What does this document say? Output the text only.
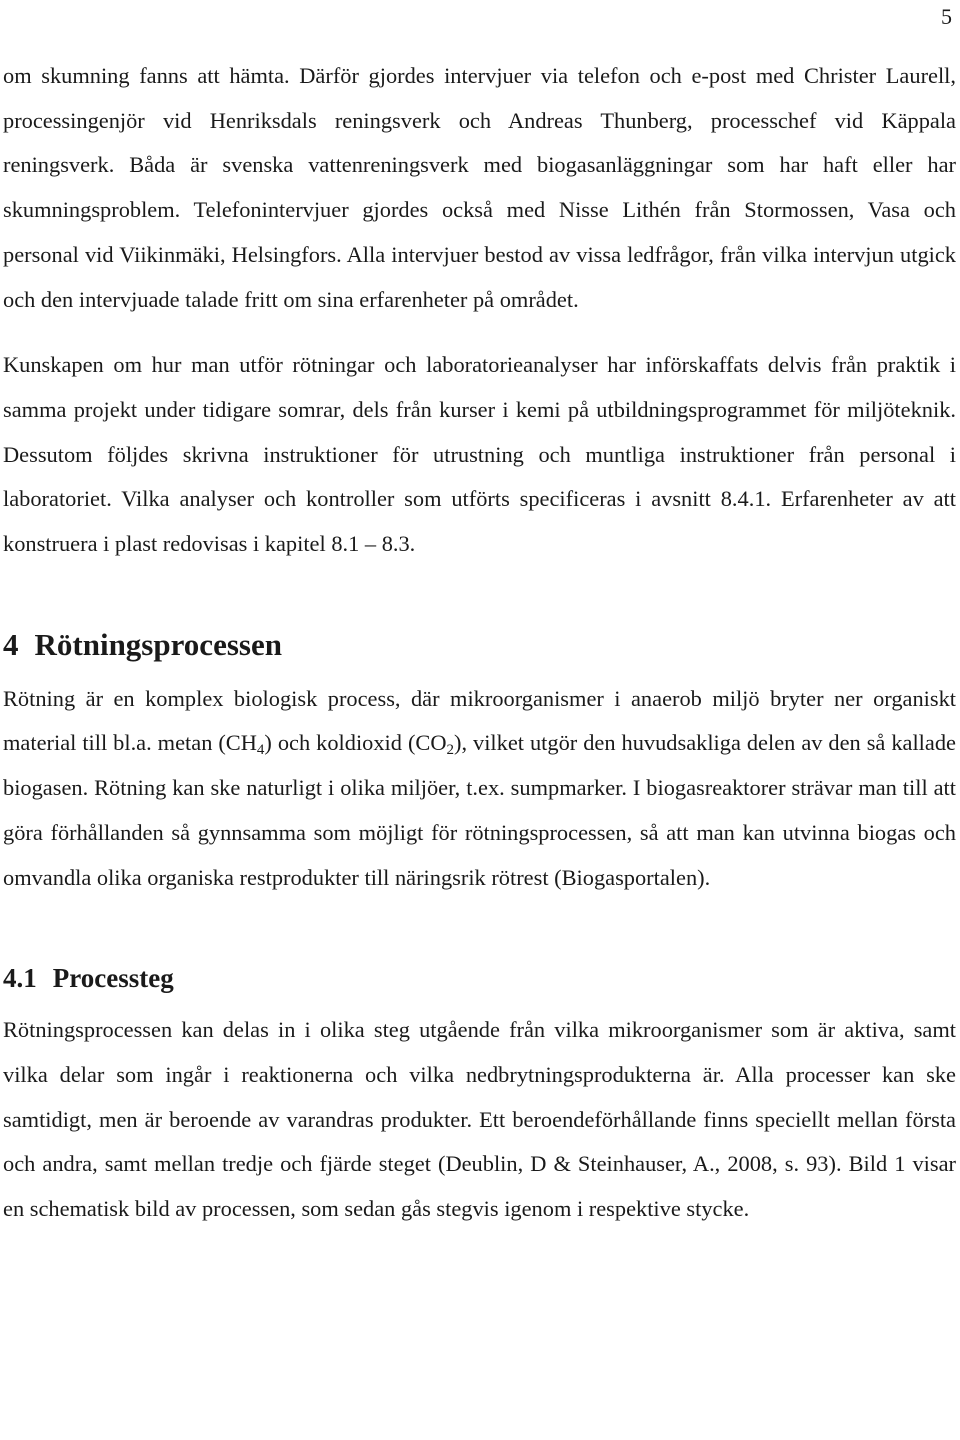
5

om skumning fanns att hämta. Därför gjordes intervjuer via telefon och e-post med Christer Laurell, processingenjör vid Henriksdals reningsverk och Andreas Thunberg, processchef vid Käppala reningsverk. Båda är svenska vattenreningsverk med biogasanläggningar som har haft eller har skumningsproblem. Telefonintervjuer gjordes också med Nisse Lithén från Stormossen, Vasa och personal vid Viikinmäki, Helsingfors. Alla intervjuer bestod av vissa ledfrågor, från vilka intervjun utgick och den intervjuade talade fritt om sina erfarenheter på området.

Kunskapen om hur man utför rötningar och laboratorieanalyser har införskaffats delvis från praktik i samma projekt under tidigare somrar, dels från kurser i kemi på utbildningsprogrammet för miljöteknik. Dessutom följdes skrivna instruktioner för utrustning och muntliga instruktioner från personal i laboratoriet. Vilka analyser och kontroller som utförts specificeras i avsnitt 8.4.1. Erfarenheter av att konstruera i plast redovisas i kapitel 8.1 – 8.3.

4 Rötningsprocessen

Rötning är en komplex biologisk process, där mikroorganismer i anaerob miljö bryter ner organiskt material till bl.a. metan $(CH_4)$ och koldioxid $(CO_2)$, vilket utgör den huvudsakliga delen av den så kallade biogasen. Rötning kan ske naturligt i olika miljöer, t.ex. sumpmarker. I biogasreaktorer strävar man till att göra förhållanden så gynnsamma som möjligt för rötningsprocessen, så att man kan utvinna biogas och omvandla olika organiska restprodukter till näringsrik rötrest (Biogasportalen).

4.1 Processteg

Rötningsprocessen kan delas in i olika steg utgående från vilka mikroorganismer som är aktiva, samt vilka delar som ingår i reaktionerna och vilka nedbrytningsprodukterna är. Alla processer kan ske samtidigt, men är beroende av varandras produkter. Ett beroendeförhållande finns speciellt mellan första och andra, samt mellan tredje och fjärde steget (Deublin, D & Steinhauser, A., 2008, s. 93). Bild 1 visar en schematisk bild av processen, som sedan gås stegvis igenom i respektive stycke.
